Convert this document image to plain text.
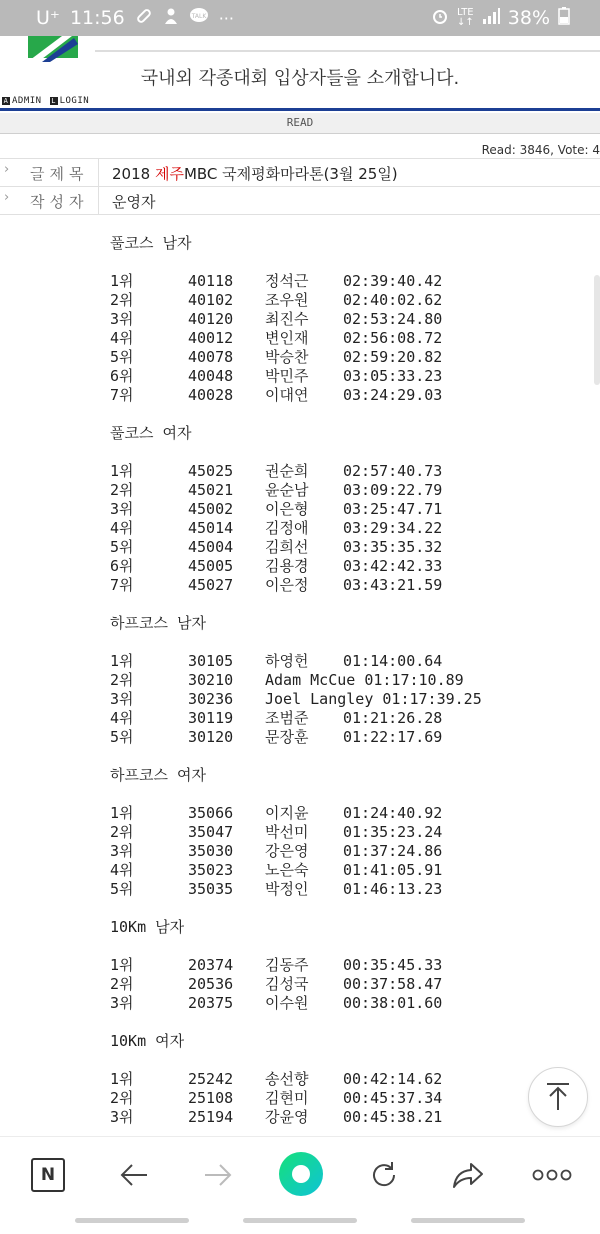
U⁺ 11:56	TALK ···	LTE
↓↑ 38%
국내외 각종대회 입상자들을 소개합니다.
A ADMIN L LOGIN
READ
Read: 3846, Vote: 4
› 글제목 2018 제주MBC 국제평화마라톤(3월 25일)
› 작성자 운영자
풀코스 남자
1위	40118 정석근 02:39:40.42
2위	40102 조우원 02:40:02.62
3위	40120 최진수 02:53:24.80
4위	40012 변인재 02:56:08.72
5위	40078 박승찬 02:59:20.82
6위	40048 박민주 03:05:33.23
7위	40028 이대연 03:24:29.03
풀코스 여자
1위	45025 권순희 02:57:40.73
2위	45021 윤순남 03:09:22.79
3위	45002 이은형 03:25:47.71
4위	45014 김정애 03:29:34.22
5위	45004 김희선 03:35:35.32
6위	45005 김용경 03:42:42.33
7위	45027 이은정 03:43:21.59
하프코스 남자
1위	30105 하영헌 01:14:00.64
2위	30210 Adam McCue 01:17:10.89
3위	30236 Joel Langley 01:17:39.25
4위	30119 조범준 01:21:26.28
5위	30120 문장훈 01:22:17.69
하프코스 여자
1위	35066 이지윤 01:24:40.92
2위	35047 박선미 01:35:23.24
3위	35030 강은영 01:37:24.86
4위	35023 노은숙 01:41:05.91
5위	35035 박정인 01:46:13.23
10Km 남자
1위	20374 김동주 00:35:45.33
2위	20536 김성국 00:37:58.47
3위	20375 이수원 00:38:01.60
10Km 여자
1위	25242 송선향 00:42:14.62
2위	25108 김현미 00:45:37.34
3위	25194 강윤영 00:45:38.21
N
